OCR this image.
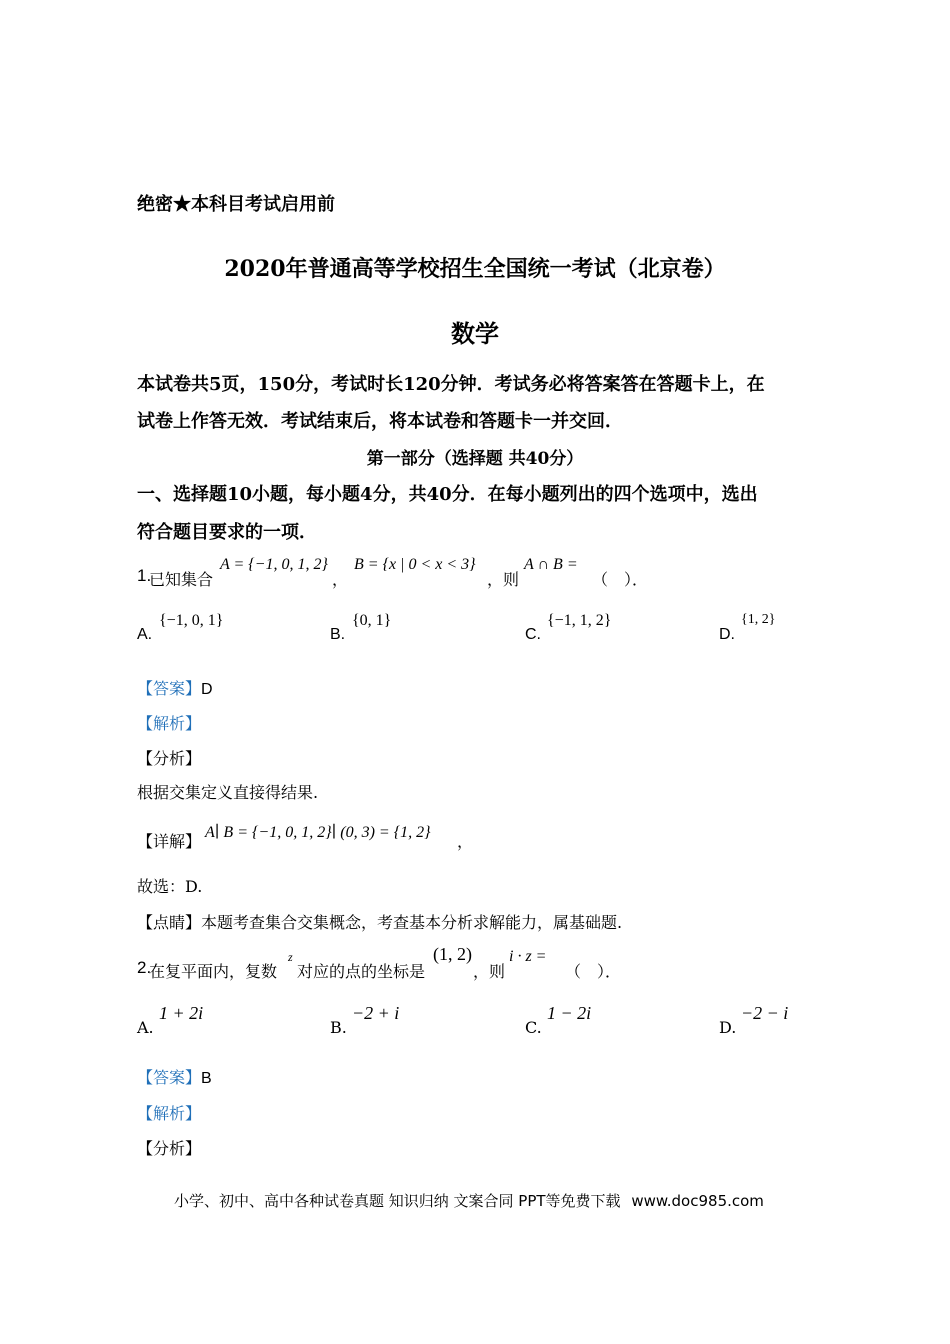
绝密★本科目考试启用前
2020年普通高等学校招生全国统一考试（北京卷）
数学
本试卷共5页，150分，考试时长120分钟．考试务必将答案答在答题卡上，在
试卷上作答无效．考试结束后，将本试卷和答题卡一并交回．
第一部分（选择题 共40分）
一、选择题10小题，每小题4分，共40分．在每小题列出的四个选项中，选出
符合题目要求的一项．
1.
已知集合
A = {−1, 0, 1, 2}
，
B = {x | 0 < x < 3}
，则
A ∩ B =
（　）．
A.
{−1, 0, 1}
B.
{0, 1}
C.
{−1, 1, 2}
D.
{1, 2}
【答案】D
【解析】
【分析】
根据交集定义直接得结果.
【详解】 A∣ B = {−1, 0, 1, 2}∣ (0, 3) = {1, 2} ，
故选：D.
【点睛】本题考查集合交集概念，考查基本分析求解能力，属基础题.
2.
在复平面内，复数
z
对应的点的坐标是
(1, 2)
，则
i · z =
（　）．
A.
1 + 2i
B.
−2 + i
C.
1 − 2i
D.
−2 − i
【答案】B
【解析】
【分析】
小学、初中、高中各种试卷真题 知识归纳 文案合同 PPT等免费下载 www.doc985.com
